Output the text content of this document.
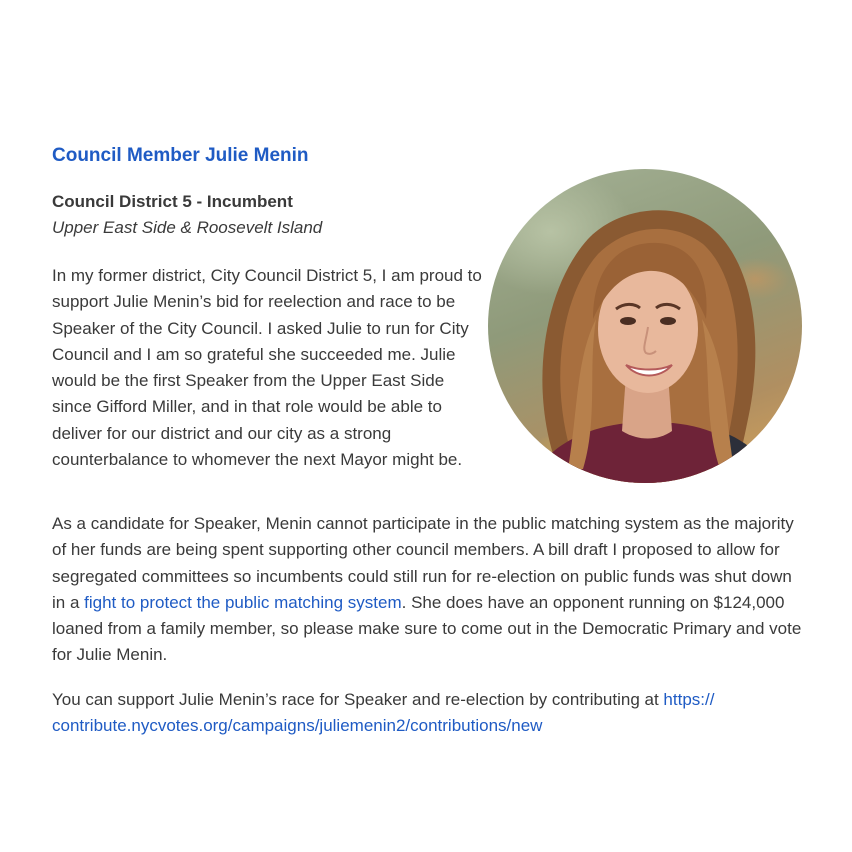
Council Member Julie Menin

Council District 5 - Incumbent

Upper East Side & Roosevelt Island

In my former district, City Council District 5, I am proud to support Julie Menin’s bid for reelection and race to be Speaker of the City Council. I asked Julie to run for City Council and I am so grateful she succeeded me. Julie would be the first Speaker from the Upper East Side since Gifford Miller, and in that role would be able to deliver for our district and our city as a strong counterbalance to whomever the next Mayor might be.

As a candidate for Speaker, Menin cannot participate in the public matching system as the majority of her funds are being spent supporting other council members. A bill draft I proposed to allow for segregated committees so incumbents could still run for re-election on public funds was shut down in a fight to protect the public matching system. She does have an opponent running on $124,000 loaned from a family member, so please make sure to come out in the Democratic Primary and vote for Julie Menin.

You can support Julie Menin’s race for Speaker and re-election by contributing at https://
contribute.nycvotes.org/campaigns/juliemenin2/contributions/new
